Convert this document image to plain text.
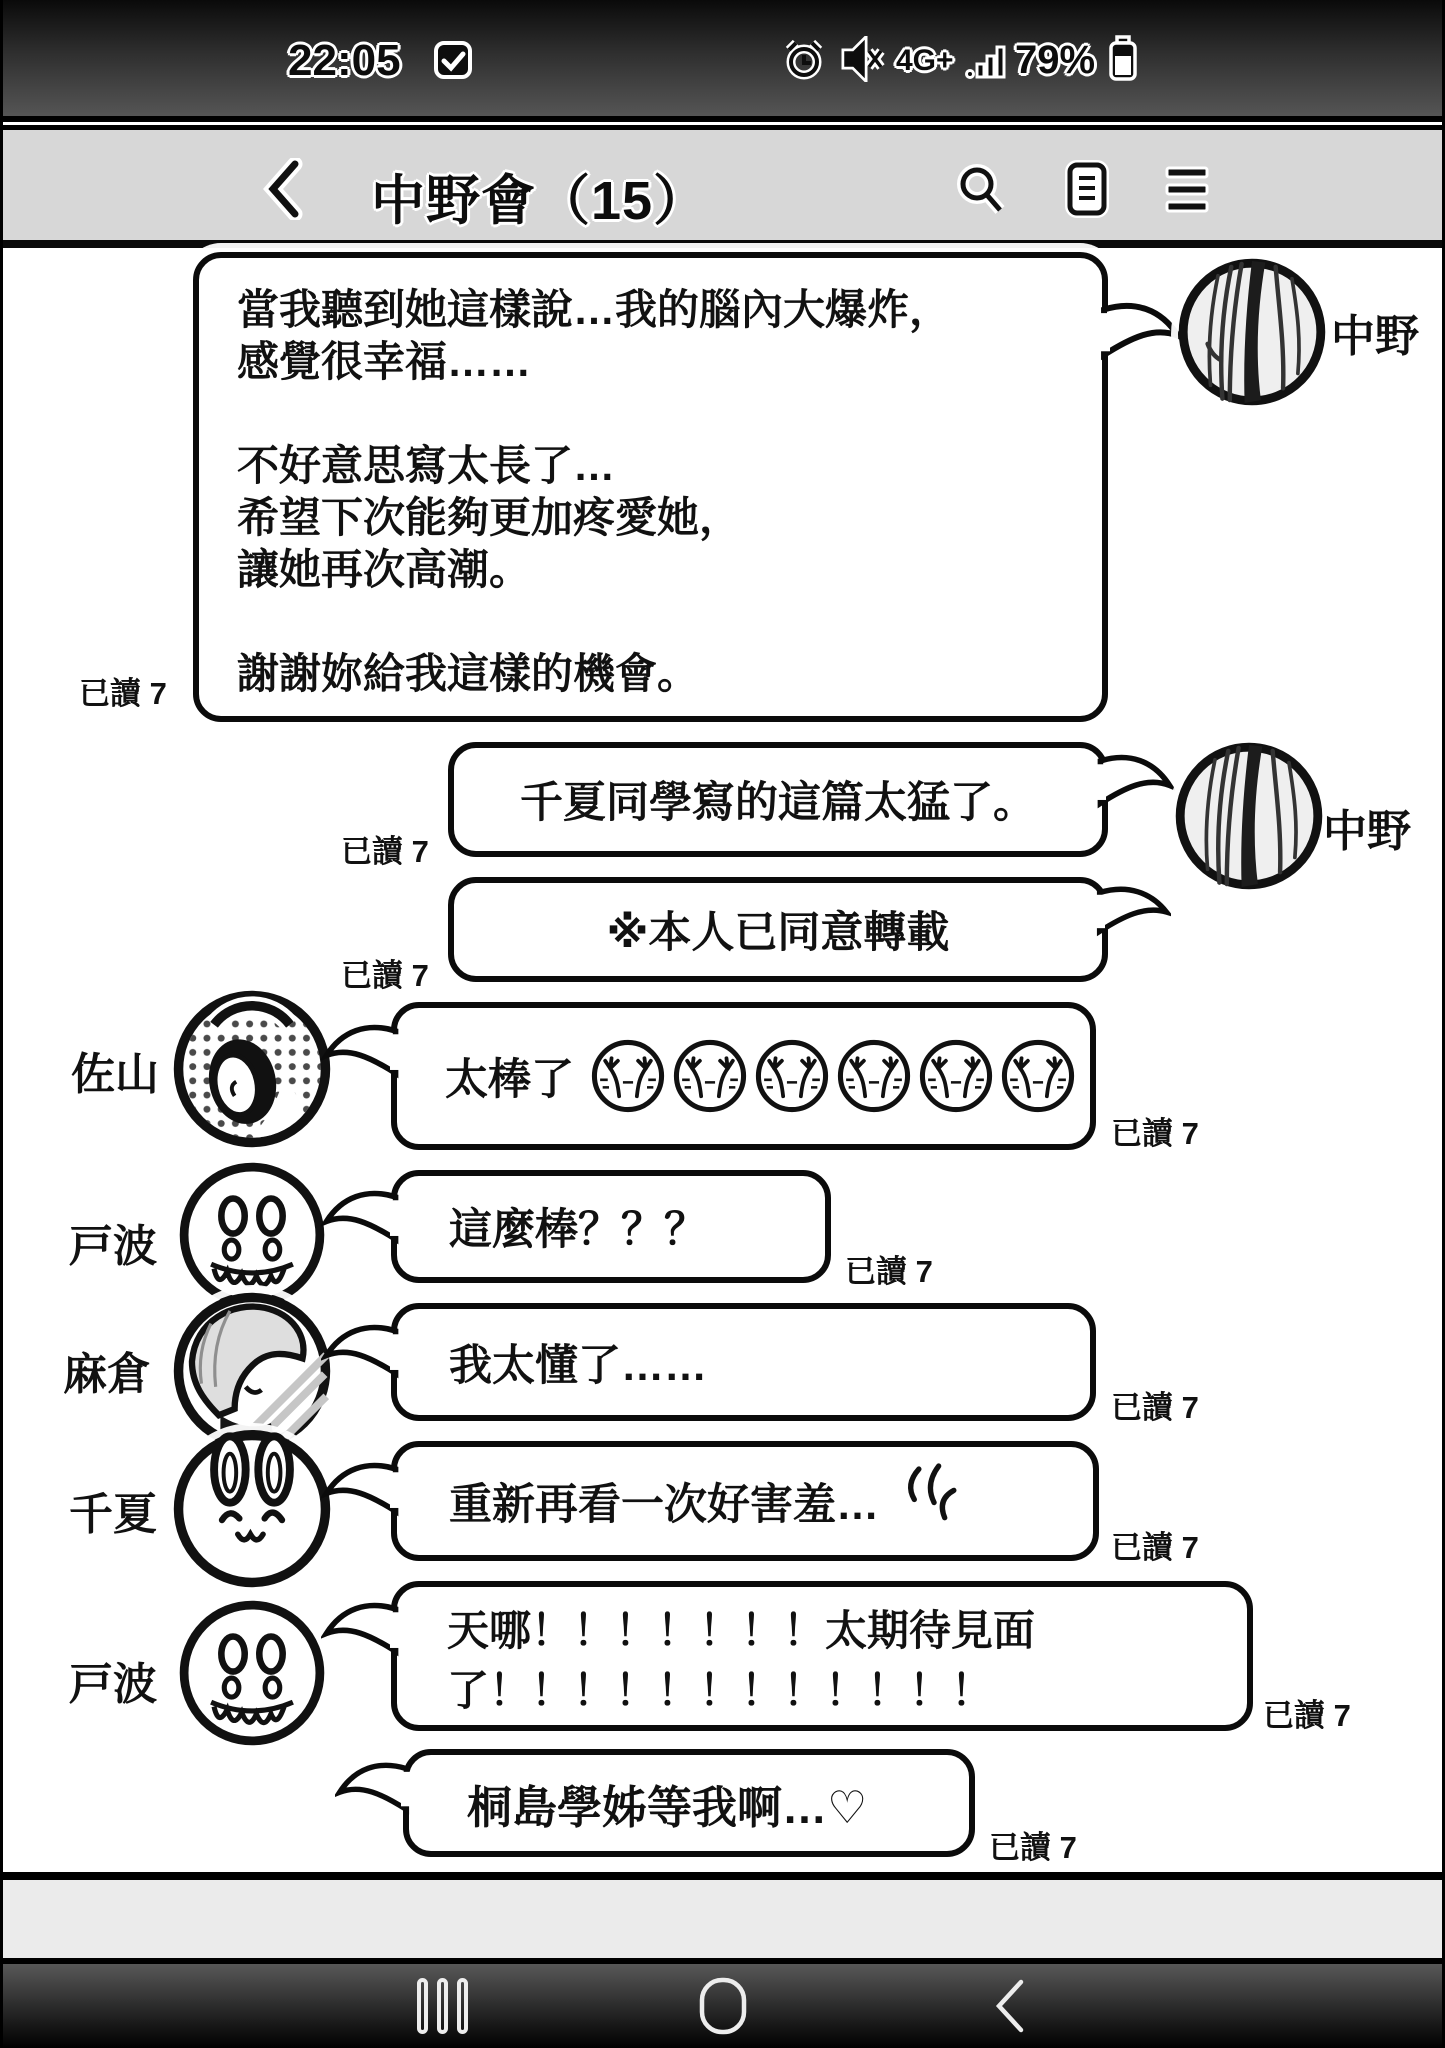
22:05	4G+ 79%
中野會（15）
當我聽到她這樣說…我的腦內大爆炸，
感覺很幸福……
不好意思寫太長了…
希望下次能夠更加疼愛她，
讓她再次高潮。
謝謝妳給我這樣的機會。
中野
已讀 7
千夏同學寫的這篇太猛了。
中野
已讀 7
※本人已同意轉載
已讀 7
佐山	太棒了
已讀 7
戸波	這麼棒？？？
已讀 7
麻倉	我太懂了……
已讀 7
千夏	重新再看一次好害羞…
已讀 7
戸波
天哪！！！！！！！太期待見面
了！！！！！！！！！！！！
已讀 7
桐島學姊等我啊…♡
已讀 7
